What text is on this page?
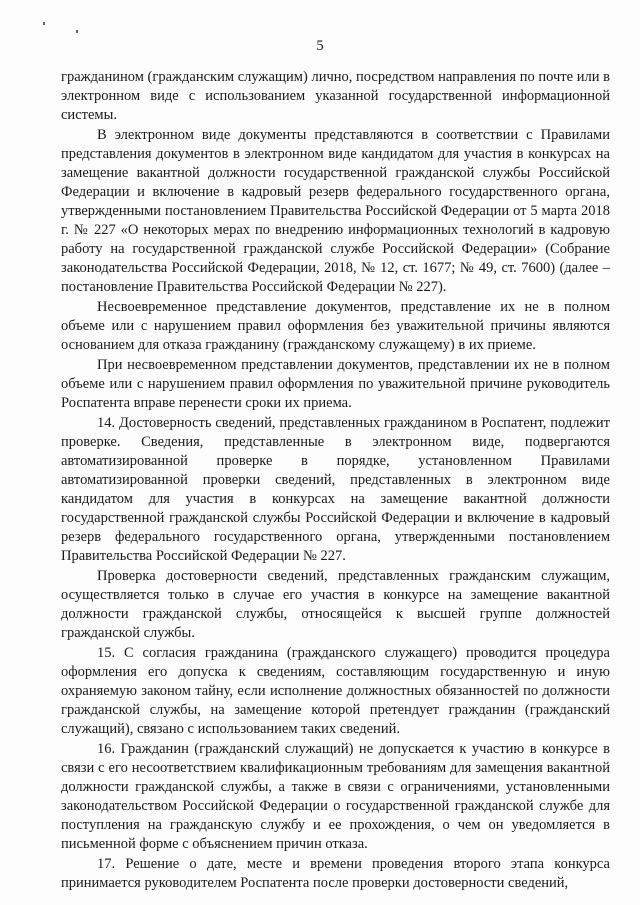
5

гражданином (гражданским служащим) лично, посредством направления по почте или в электронном виде с использованием указанной государственной информационной системы.

В электронном виде документы представляются в соответствии с Правилами представления документов в электронном виде кандидатом для участия в конкурсах на замещение вакантной должности государственной гражданской службы Российской Федерации и включение в кадровый резерв федерального государственного органа, утвержденными постановлением Правительства Российской Федерации от 5 марта 2018 г. № 227 «О некоторых мерах по внедрению информационных технологий в кадровую работу на государственной гражданской службе Российской Федерации» (Собрание законодательства Российской Федерации, 2018, № 12, ст. 1677; № 49, ст. 7600) (далее – постановление Правительства Российской Федерации № 227).

Несвоевременное представление документов, представление их не в полном объеме или с нарушением правил оформления без уважительной причины являются основанием для отказа гражданину (гражданскому служащему) в их приеме.

При несвоевременном представлении документов, представлении их не в полном объеме или с нарушением правил оформления по уважительной причине руководитель Роспатента вправе перенести сроки их приема.

14. Достоверность сведений, представленных гражданином в Роспатент, подлежит проверке. Сведения, представленные в электронном виде, подвергаются автоматизированной проверке в порядке, установленном Правилами автоматизированной проверки сведений, представленных в электронном виде кандидатом для участия в конкурсах на замещение вакантной должности государственной гражданской службы Российской Федерации и включение в кадровый резерв федерального государственного органа, утвержденными постановлением Правительства Российской Федерации № 227.

Проверка достоверности сведений, представленных гражданским служащим, осуществляется только в случае его участия в конкурсе на замещение вакантной должности гражданской службы, относящейся к высшей группе должностей гражданской службы.

15. С согласия гражданина (гражданского служащего) проводится процедура оформления его допуска к сведениям, составляющим государственную и иную охраняемую законом тайну, если исполнение должностных обязанностей по должности гражданской службы, на замещение которой претендует гражданин (гражданский служащий), связано с использованием таких сведений.

16. Гражданин (гражданский служащий) не допускается к участию в конкурсе в связи с его несоответствием квалификационным требованиям для замещения вакантной должности гражданской службы, а также в связи с ограничениями, установленными законодательством Российской Федерации о государственной гражданской службе для поступления на гражданскую службу и ее прохождения, о чем он уведомляется в письменной форме с объяснением причин отказа.

17. Решение о дате, месте и времени проведения второго этапа конкурса принимается руководителем Роспатента после проверки достоверности сведений,
